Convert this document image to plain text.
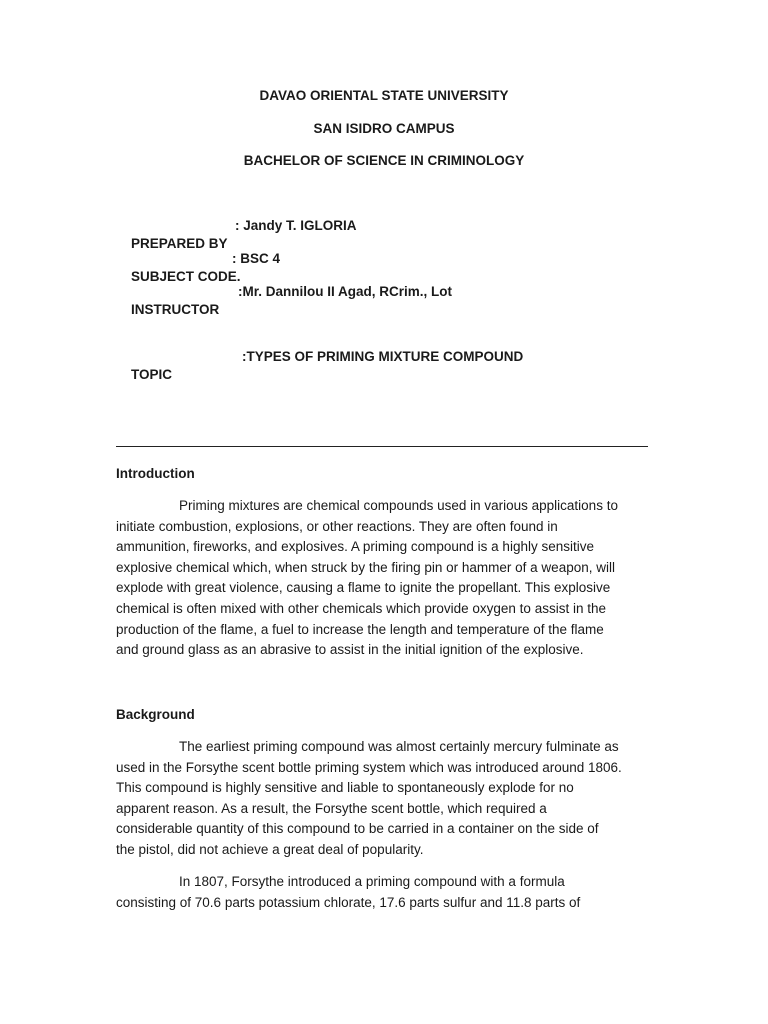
DAVAO ORIENTAL STATE UNIVERSITY
SAN ISIDRO CAMPUS
BACHELOR OF SCIENCE IN CRIMINOLOGY

PREPARED BY

: Jandy T. IGLORIA

SUBJECT CODE.

: BSC 4

INSTRUCTOR

:Mr. Dannilou II Agad, RCrim., Lot

TOPIC

:TYPES OF PRIMING MIXTURE COMPOUND

Introduction
Priming mixtures are chemical compounds used in various applications to
initiate combustion, explosions, or other reactions. They are often found in
ammunition, fireworks, and explosives. A priming compound is a highly sensitive
explosive chemical which, when struck by the firing pin or hammer of a weapon, will
explode with great violence, causing a flame to ignite the propellant. This explosive
chemical is often mixed with other chemicals which provide oxygen to assist in the
production of the flame, a fuel to increase the length and temperature of the flame
and ground glass as an abrasive to assist in the initial ignition of the explosive.
Background
The earliest priming compound was almost certainly mercury fulminate as
used in the Forsythe scent bottle priming system which was introduced around 1806.
This compound is highly sensitive and liable to spontaneously explode for no
apparent reason. As a result, the Forsythe scent bottle, which required a
considerable quantity of this compound to be carried in a container on the side of
the pistol, did not achieve a great deal of popularity.
In 1807, Forsythe introduced a priming compound with a formula
consisting of 70.6 parts potassium chlorate, 17.6 parts sulfur and 11.8 parts of
